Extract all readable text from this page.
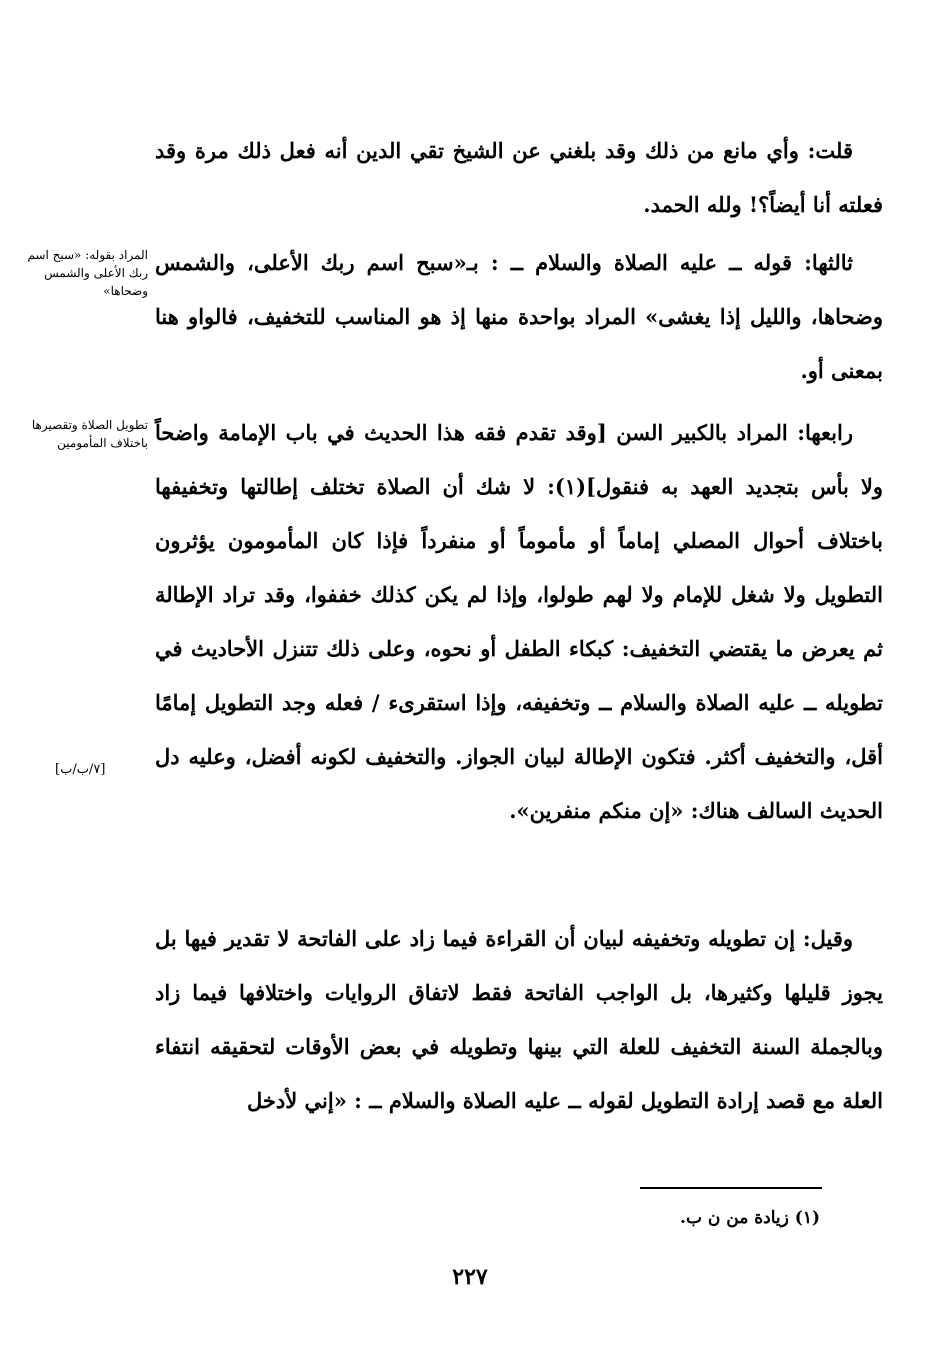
قلت: وأي مانع من ذلك وقد بلغني عن الشيخ تقي الدين أنه فعل ذلك مرة وقد فعلته أنا أيضاً؟! ولله الحمد.

ثالثها: قوله ــ عليه الصلاة والسلام ــ : بـ«سبح اسم ربك الأعلى، والشمس وضحاها، والليل إذا يغشى» المراد بواحدة منها إذ هو المناسب للتخفيف، فالواو هنا بمعنى أو.

رابعها: المراد بالكبير السن [وقد تقدم فقه هذا الحديث في باب الإمامة واضحاً ولا بأس بتجديد العهد به فنقول](١): لا شك أن الصلاة تختلف إطالتها وتخفيفها باختلاف أحوال المصلي إماماً أو مأموماً أو منفرداً فإذا كان المأمومون يؤثرون التطويل ولا شغل للإمام ولا لهم طولوا، وإذا لم يكن كذلك خففوا، وقد تراد الإطالة ثم يعرض ما يقتضي التخفيف: كبكاء الطفل أو نحوه، وعلى ذلك تتنزل الأحاديث في تطويله ــ عليه الصلاة والسلام ــ وتخفيفه، وإذا استقرىء / فعله وجد التطويل إمامًا أقل، والتخفيف أكثر. فتكون الإطالة لبيان الجواز. والتخفيف لكونه أفضل، وعليه دل الحديث السالف هناك: «إن منكم منفرين».

وقيل: إن تطويله وتخفيفه لبيان أن القراءة فيما زاد على الفاتحة لا تقدير فيها بل يجوز قليلها وكثيرها، بل الواجب الفاتحة فقط لاتفاق الروايات واختلافها فيما زاد وبالجملة السنة التخفيف للعلة التي بينها وتطويله في بعض الأوقات لتحقيقه انتفاء العلة مع قصد إرادة التطويل لقوله ــ عليه الصلاة والسلام ــ : «إني لأدخل

المراد بقوله: «سبح اسم ربك الأعلى والشمس وضحاها»
تطويل الصلاة وتقصيرها باختلاف المأمومين
[٧/ب/ب]
(١) زيادة من ن ب.
٢٢٧
